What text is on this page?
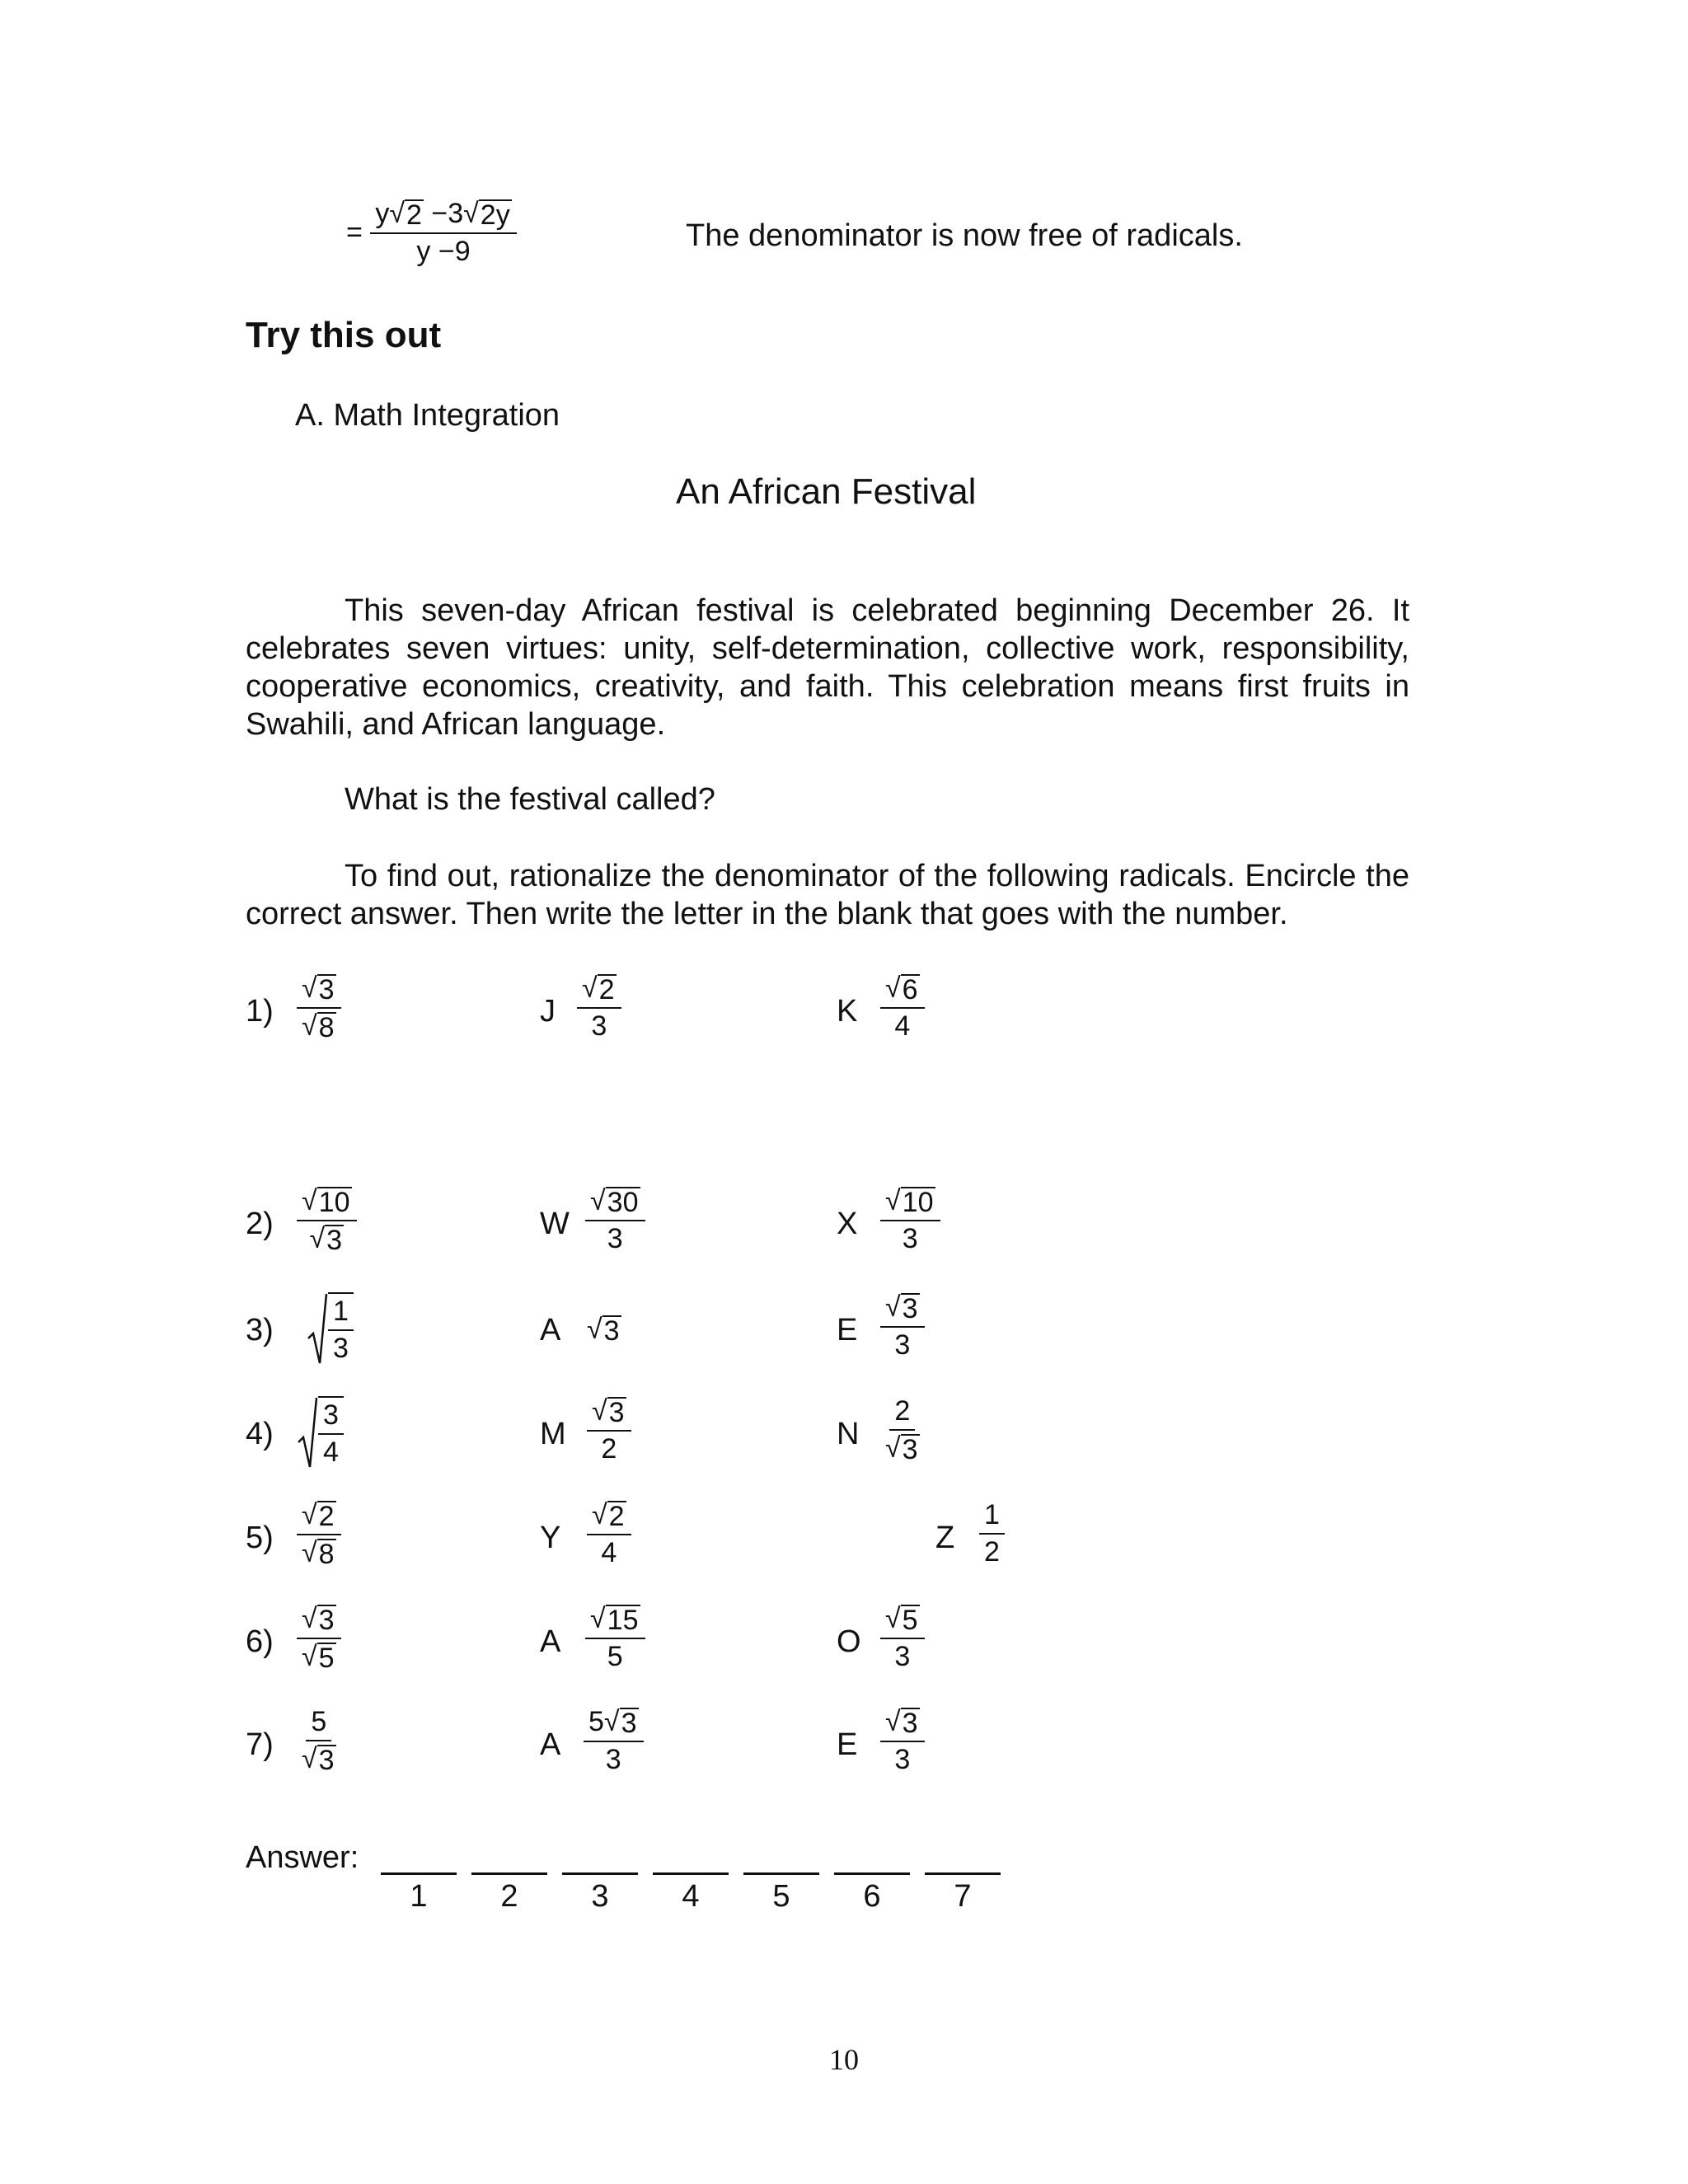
= $\frac{y √ 2 -3 √ 2y}{y -9}$	The denominator is now free of radicals.
Try this out
A. Math Integration
An African Festival
This seven-day African festival is celebrated beginning December 26. It celebrates seven virtues: unity, self-determination, collective work, responsibility, cooperative economics, creativity, and faith. This celebration means first fruits in Swahili, and African language.
What is the festival called?
To find out, rationalize the denominator of the following radicals. Encircle the correct answer. Then write the letter in the blank that goes with the number.
$1) \frac{√ 3}{√ 8}$	J $\frac{√ 2}{3}$	K $\frac{√ 6}{4}$
$2) \frac{√ 10}{√ 3}$	W $\frac{√ 30}{3}$	X $\frac{√ 10}{3}$
$3) \frac{1}{3}$	A √ 3	E $\frac{√ 3}{3}$
$4) \frac{3}{4}$	M $\frac{√ 3}{2}$	N $\frac{2}{√ 3}$
$5) \frac{√ 2}{√ 8}$	Y $\frac{√ 2}{4}$	Z $\frac{1}{2}$
$6) \frac{√ 3}{√ 5}$	A $\frac{√ 15}{5}$	O $\frac{√ 5}{3}$
$7) \frac{5}{√ 3}$	A $\frac{5 √ 3}{3}$	E $\frac{√ 3}{3}$
Answer:
1 2 3 4 5 6 7
10
